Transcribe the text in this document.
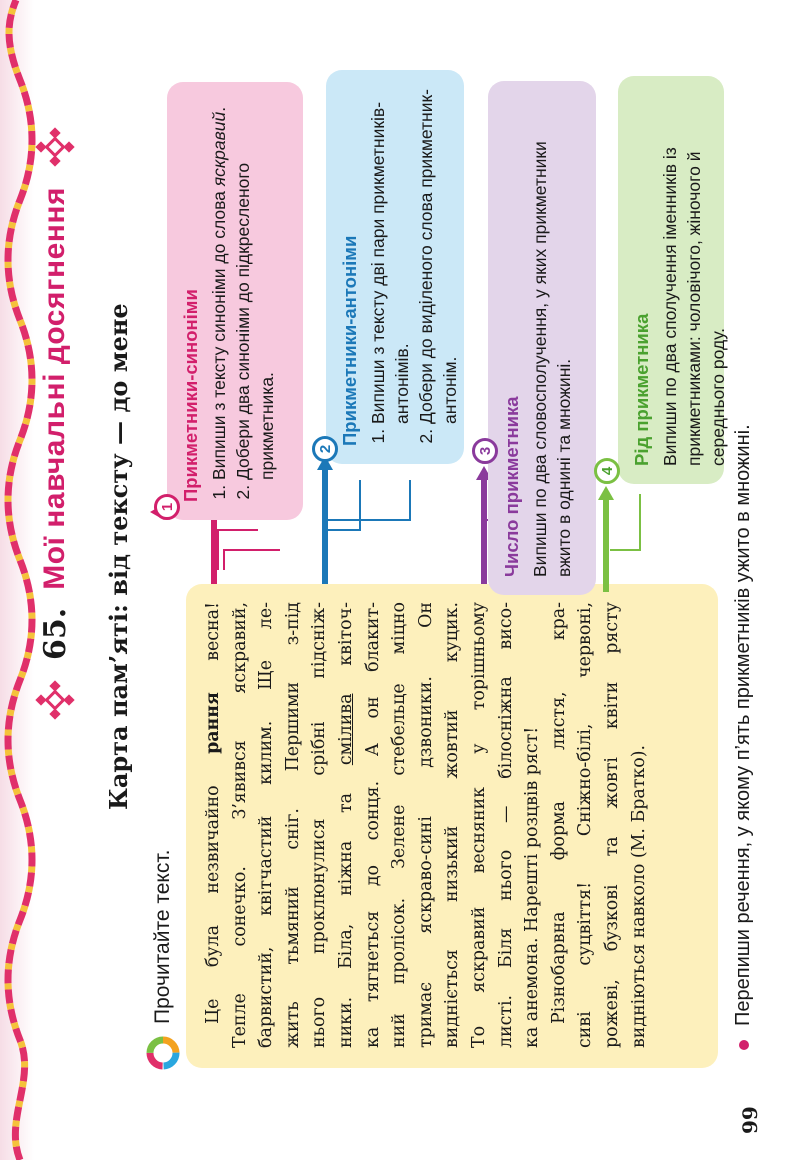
65.
Мої навчальні досягнення Карта пам’яті: від тексту — до мене
Прочитайте текст. Це була незвичайно рання весна! Тепле сонечко. З’явився яскравий, барвистий, квітчастий килим. Ще ле- жить тьмяний сніг. Першими з-під нього проклюнулися срібні підсніж- ники. Біла, ніжна та смілива квіточ- ка тягнеться до сонця. А он блакит- ний пролісок. Зелене стебельце міцно тримає яскраво-сині дзвоники. Он видніється низький жовтий куцик. То яскравий весняник у торішньому листі. Біля нього — білосніжна висо- ка анемона. Нарешті розцвів ряст! Різнобарвна форма листя, кра- сиві суцвіття! Сніжно-білі, червоні, рожеві, бузкові та жовті квіти рясту видніються навколо (М. Братко).
Прикметники-синоніми 1. Випиши з тексту синоніми до слова яскравий.
2. Добери два синоніми до підкресленого прикметника.
1
Прикметники-антоніми 1. Випиши з тексту дві пари прикметників-антонімів. 2. Добери до виділеного слова прикметник-антонім.
2	Число прикметника Випиши по два словосполучення, у яких прикметники вжито в однині та множині.
3	Рід прикметника Випиши по два сполучення іменників із прикметниками: чоловічого, жіночого й середнього роду.
4	Перепиши речення, у якому п’ять прикметників ужито в множині.
99
